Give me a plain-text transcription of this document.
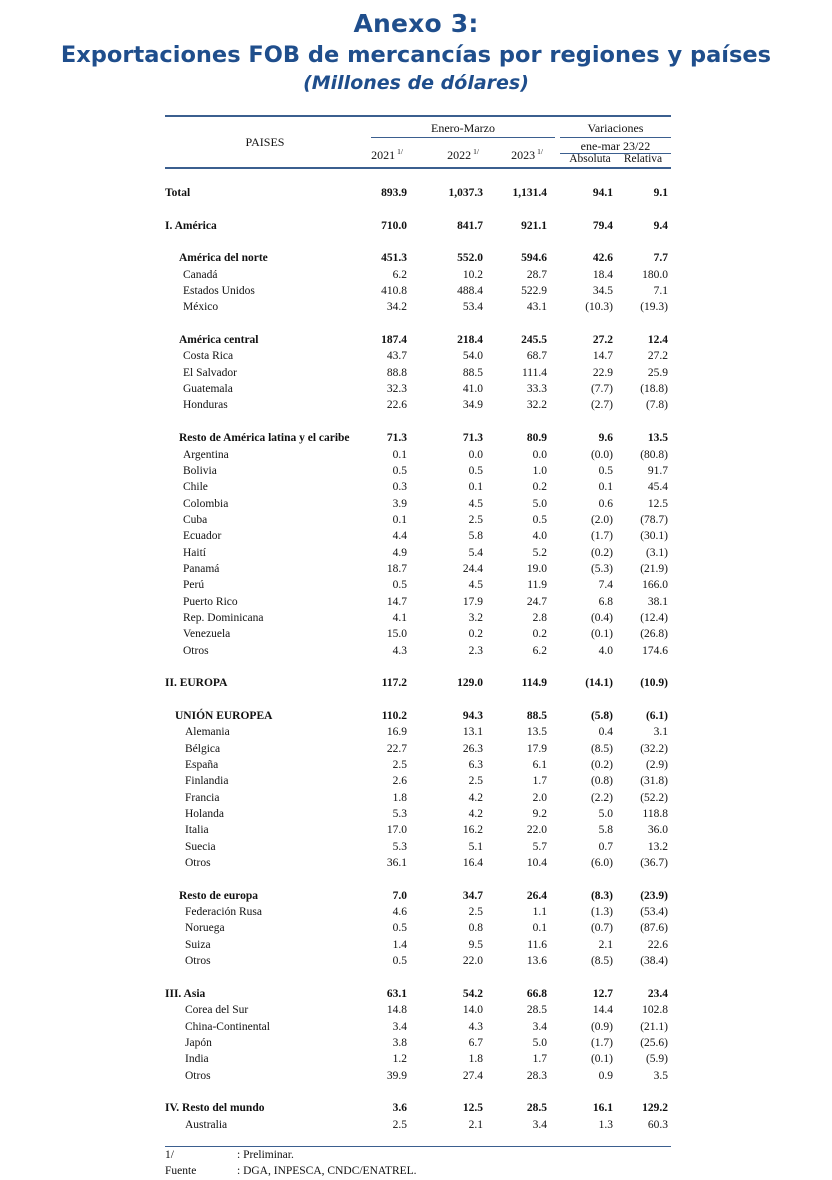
Anexo 3:
Exportaciones FOB de mercancías por regiones y países
(Millones de dólares)
PAISES
Enero-Marzo	Variaciones
ene-mar 23/22
2021 $^{1/}$	2022 $^{1/}$	2023 $^{1/}$
Absoluta	Relativa
Total	893.9	1,037.3	1,131.4	94.1	9.1
I. América	710.0	841.7	921.1	79.4	9.4
América del norte	451.3	552.0	594.6	42.6	7.7
Canadá	6.2	10.2	28.7	18.4	180.0
Estados Unidos	410.8	488.4	522.9	34.5	7.1
México	34.2	53.4	43.1	(10.3)	(19.3)
América central	187.4	218.4	245.5	27.2	12.4
Costa Rica	43.7	54.0	68.7	14.7	27.2
El Salvador	88.8	88.5	111.4	22.9	25.9
Guatemala	32.3	41.0	33.3	(7.7)	(18.8)
Honduras	22.6	34.9	32.2	(2.7)	(7.8)
Resto de América latina y el caribe	71.3	71.3	80.9	9.6	13.5
Argentina	0.1	0.0	0.0	(0.0)	(80.8)
Bolivia	0.5	0.5	1.0	0.5	91.7
Chile	0.3	0.1	0.2	0.1	45.4
Colombia	3.9	4.5	5.0	0.6	12.5
Cuba	0.1	2.5	0.5	(2.0)	(78.7)
Ecuador	4.4	5.8	4.0	(1.7)	(30.1)
Haití	4.9	5.4	5.2	(0.2)	(3.1)
Panamá	18.7	24.4	19.0	(5.3)	(21.9)
Perú	0.5	4.5	11.9	7.4	166.0
Puerto Rico	14.7	17.9	24.7	6.8	38.1
Rep. Dominicana	4.1	3.2	2.8	(0.4)	(12.4)
Venezuela	15.0	0.2	0.2	(0.1)	(26.8)
Otros	4.3	2.3	6.2	4.0	174.6
II. EUROPA	117.2	129.0	114.9	(14.1)	(10.9)
UNIÓN EUROPEA	110.2	94.3	88.5	(5.8)	(6.1)
Alemania	16.9	13.1	13.5	0.4	3.1
Bélgica	22.7	26.3	17.9	(8.5)	(32.2)
España	2.5	6.3	6.1	(0.2)	(2.9)
Finlandia	2.6	2.5	1.7	(0.8)	(31.8)
Francia	1.8	4.2	2.0	(2.2)	(52.2)
Holanda	5.3	4.2	9.2	5.0	118.8
Italia	17.0	16.2	22.0	5.8	36.0
Suecia	5.3	5.1	5.7	0.7	13.2
Otros	36.1	16.4	10.4	(6.0)	(36.7)
Resto de europa	7.0	34.7	26.4	(8.3)	(23.9)
Federación Rusa	4.6	2.5	1.1	(1.3)	(53.4)
Noruega	0.5	0.8	0.1	(0.7)	(87.6)
Suiza	1.4	9.5	11.6	2.1	22.6
Otros	0.5	22.0	13.6	(8.5)	(38.4)
III. Asia	63.1	54.2	66.8	12.7	23.4
Corea del Sur	14.8	14.0	28.5	14.4	102.8
China-Continental	3.4	4.3	3.4	(0.9)	(21.1)
Japón	3.8	6.7	5.0	(1.7)	(25.6)
India	1.2	1.8	1.7	(0.1)	(5.9)
Otros	39.9	27.4	28.3	0.9	3.5
IV. Resto del mundo	3.6	12.5	28.5	16.1	129.2
Australia	2.5	2.1	3.4	1.3	60.3
1/	: Preliminar.
Fuente	: DGA, INPESCA, CNDC/ENATREL.
